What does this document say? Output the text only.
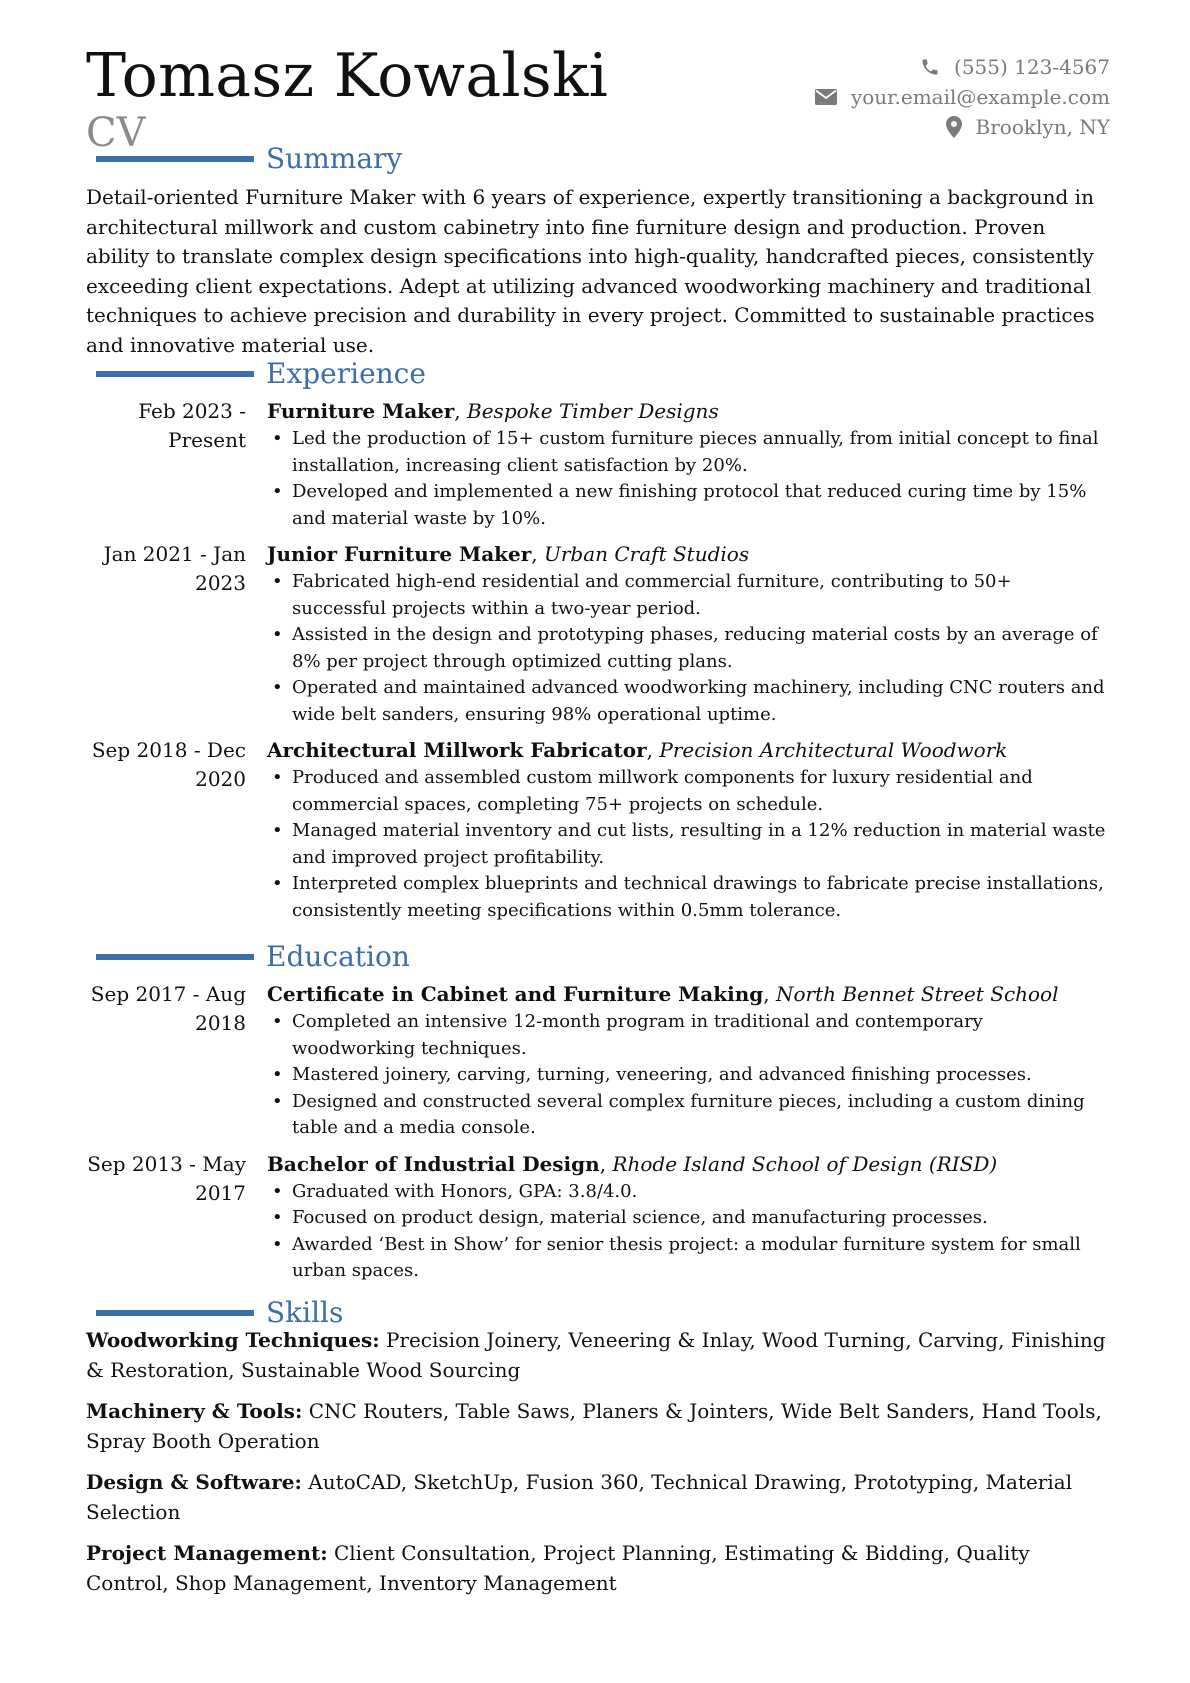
Tomasz Kowalski
CV
(555) 123-4567
your.email@example.com
Brooklyn, NY
Summary

Detail-oriented Furniture Maker with 6 years of experience, expertly transitioning a background in architectural millwork and custom cabinetry into fine furniture design and production. Proven ability to translate complex design specifications into high-quality, handcrafted pieces, consistently exceeding client expectations. Adept at utilizing advanced woodworking machinery and traditional techniques to achieve precision and durability in every project. Committed to sustainable practices and innovative material use.

Experience
Feb 2023 - Present
Furniture Maker, Bespoke Timber Designs
• Led the production of 15+ custom furniture pieces annually, from initial concept to final installation, increasing client satisfaction by 20%.
• Developed and implemented a new finishing protocol that reduced curing time by 15% and material waste by 10%.
Jan 2021 - Jan 2023
Junior Furniture Maker, Urban Craft Studios
• Fabricated high-end residential and commercial furniture, contributing to 50+ successful projects within a two-year period.
• Assisted in the design and prototyping phases, reducing material costs by an average of 8% per project through optimized cutting plans.
• Operated and maintained advanced woodworking machinery, including CNC routers and wide belt sanders, ensuring 98% operational uptime.
Sep 2018 - Dec 2020
Architectural Millwork Fabricator, Precision Architectural Woodwork
• Produced and assembled custom millwork components for luxury residential and commercial spaces, completing 75+ projects on schedule.
• Managed material inventory and cut lists, resulting in a 12% reduction in material waste and improved project profitability.
• Interpreted complex blueprints and technical drawings to fabricate precise installations, consistently meeting specifications within 0.5mm tolerance.
Education
Sep 2017 - Aug 2018
Certificate in Cabinet and Furniture Making, North Bennet Street School
• Completed an intensive 12-month program in traditional and contemporary woodworking techniques.
• Mastered joinery, carving, turning, veneering, and advanced finishing processes.
• Designed and constructed several complex furniture pieces, including a custom dining table and a media console.
Sep 2013 - May 2017
Bachelor of Industrial Design, Rhode Island School of Design (RISD)
• Graduated with Honors, GPA: 3.8/4.0.
• Focused on product design, material science, and manufacturing processes.
• Awarded ‘Best in Show’ for senior thesis project: a modular furniture system for small urban spaces.
Skills
Woodworking Techniques: Precision Joinery, Veneering & Inlay, Wood Turning, Carving, Finishing & Restoration, Sustainable Wood Sourcing
Machinery & Tools: CNC Routers, Table Saws, Planers & Jointers, Wide Belt Sanders, Hand Tools, Spray Booth Operation
Design & Software: AutoCAD, SketchUp, Fusion 360, Technical Drawing, Prototyping, Material Selection
Project Management: Client Consultation, Project Planning, Estimating & Bidding, Quality Control, Shop Management, Inventory Management
